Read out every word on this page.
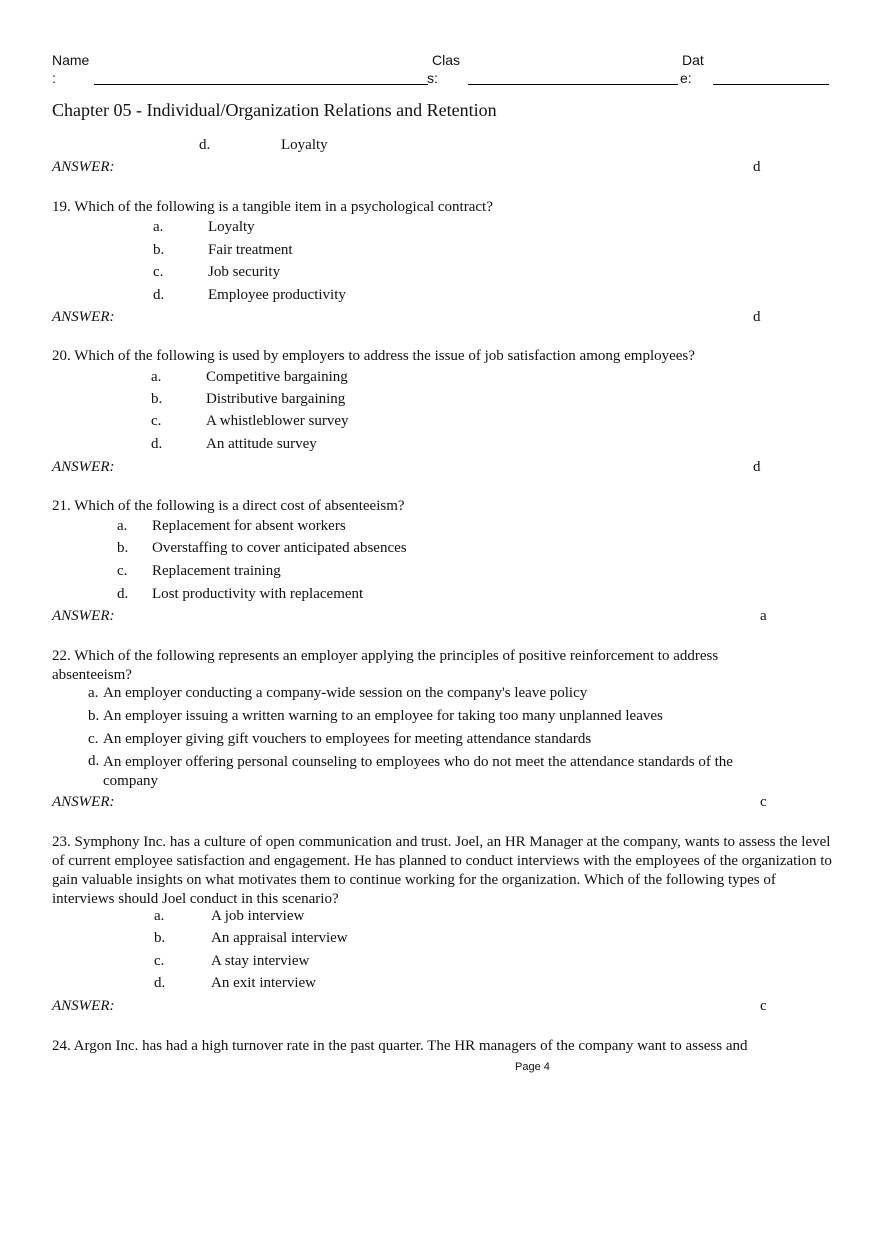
Name
:
Clas
s:
Dat
e:
Chapter 05 - Individual/Organization Relations and Retention
d.	Loyalty
ANSWER:	d
19. Which of the following is a tangible item in a psychological contract?
a.	Loyalty
b.	Fair treatment
c.	Job security
d.	Employee productivity
ANSWER:	d
20. Which of the following is used by employers to address the issue of job satisfaction among employees?
a.	Competitive bargaining
b.	Distributive bargaining
c.	A whistleblower survey
d.	An attitude survey
ANSWER:	d
21. Which of the following is a direct cost of absenteeism?
a. Replacement for absent workers
b. Overstaffing to cover anticipated absences
c. Replacement training
d. Lost productivity with replacement
ANSWER:	a
22. Which of the following represents an employer applying the principles of positive reinforcement to address absenteeism?
a. An employer conducting a company-wide session on the company's leave policy
b. An employer issuing a written warning to an employee for taking too many unplanned leaves
c. An employer giving gift vouchers to employees for meeting attendance standards
d. An employer offering personal counseling to employees who do not meet the attendance standards of the company
ANSWER:	c
23. Symphony Inc. has a culture of open communication and trust. Joel, an HR Manager at the company, wants to assess the level of current employee satisfaction and engagement. He has planned to conduct interviews with the employees of the organization to gain valuable insights on what motivates them to continue working for the organization. Which of the following types of interviews should Joel conduct in this scenario?
a.	A job interview
b.	An appraisal interview
c.	A stay interview
d.	An exit interview
ANSWER:	c
24. Argon Inc. has had a high turnover rate in the past quarter. The HR managers of the company want to assess and
Page 4
